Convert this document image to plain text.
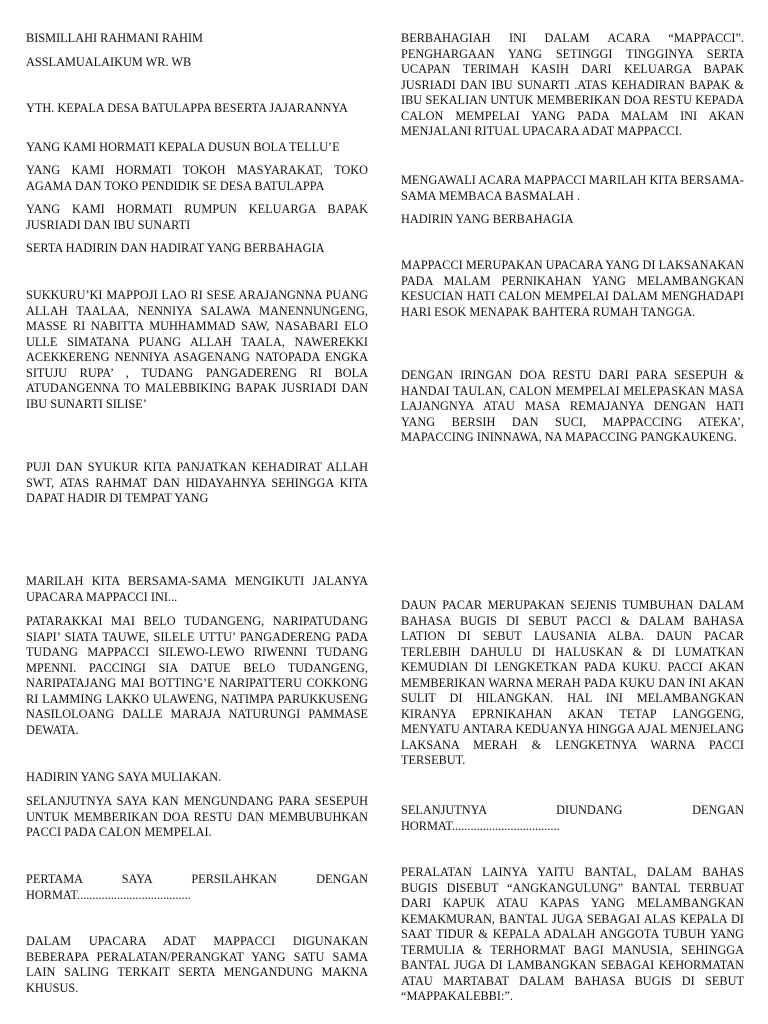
BISMILLAHI RAHMANI RAHIM

ASSLAMUALAIKUM WR. WB

YTH. KEPALA DESA BATULAPPA BESERTA JAJARANNYA

YANG KAMI HORMATI KEPALA DUSUN BOLA TELLU’E

YANG KAMI HORMATI TOKOH MASYARAKAT, TOKO AGAMA DAN TOKO PENDIDIK SE DESA BATULAPPA

YANG KAMI HORMATI RUMPUN KELUARGA BAPAK JUSRIADI DAN IBU SUNARTI

SERTA HADIRIN DAN HADIRAT YANG BERBAHAGIA

SUKKURU’KI MAPPOJI LAO RI SESE ARAJANGNNA PUANG ALLAH TAALAA, NENNIYA SALAWA MANENNUNGENG, MASSE RI NABITTA MUHHAMMAD SAW, NASABARI ELO ULLE SIMATANA PUANG ALLAH TAALA, NAWEREKKI ACEKKERENG NENNIYA ASAGENANG NATOPADA ENGKA SITUJU RUPA’ , TUDANG PANGADERENG RI BOLA ATUDANGENNA TO MALEBBIKING BAPAK JUSRIADI DAN IBU SUNARTI SILISE’

PUJI DAN SYUKUR KITA PANJATKAN KEHADIRAT ALLAH SWT, ATAS RAHMAT DAN HIDAYAHNYA SEHINGGA KITA DAPAT HADIR DI TEMPAT YANG

MARILAH KITA BERSAMA-SAMA MENGIKUTI JALANYA UPACARA MAPPACCI INI...

PATARAKKAI MAI BELO TUDANGENG, NARIPATUDANG SIAPI’ SIATA TAUWE, SILELE UTTU’ PANGADERENG PADA TUDANG MAPPACCI SILEWO-LEWO RIWENNI TUDANG MPENNI. PACCINGI SIA DATUE BELO TUDANGENG, NARIPATAJANG MAI BOTTING’E NARIPATTERU COKKONG RI LAMMING LAKKO ULAWENG, NATIMPA PARUKKUSENG NASILOLOANG DALLE MARAJA NATURUNGI PAMMASE DEWATA.

HADIRIN YANG SAYA MULIAKAN.

SELANJUTNYA SAYA KAN MENGUNDANG PARA SESEPUH UNTUK MEMBERIKAN DOA RESTU DAN MEMBUBUHKAN PACCI PADA CALON MEMPELAI.

PERTAMA SAYA PERSILAHKAN DENGAN HORMAT.....................................

DALAM UPACARA ADAT MAPPACCI DIGUNAKAN BEBERAPA PERALATAN/PERANGKAT YANG SATU SAMA LAIN SALING TERKAIT SERTA MENGANDUNG MAKNA KHUSUS.

BERBAHAGIAH INI DALAM ACARA “MAPPACCI”. PENGHARGAAN YANG SETINGGI TINGGINYA SERTA UCAPAN TERIMAH KASIH DARI KELUARGA BAPAK JUSRIADI DAN IBU SUNARTI .ATAS KEHADIRAN BAPAK & IBU SEKALIAN UNTUK MEMBERIKAN DOA RESTU KEPADA CALON MEMPELAI YANG PADA MALAM INI AKAN MENJALANI RITUAL UPACARA ADAT MAPPACCI.

MENGAWALI ACARA MAPPACCI MARILAH KITA BERSAMA-SAMA MEMBACA BASMALAH .

HADIRIN YANG BERBAHAGIA

MAPPACCI MERUPAKAN UPACARA YANG DI LAKSANAKAN PADA MALAM PERNIKAHAN YANG MELAMBANGKAN KESUCIAN HATI CALON MEMPELAI DALAM MENGHADAPI HARI ESOK MENAPAK BAHTERA RUMAH TANGGA.

DENGAN IRINGAN DOA RESTU DARI PARA SESEPUH & HANDAI TAULAN, CALON MEMPELAI MELEPASKAN MASA LAJANGNYA ATAU MASA REMAJANYA DENGAN HATI YANG BERSIH DAN SUCI, MAPPACCING ATEKA’, MAPACCING ININNAWA, NA MAPACCING PANGKAUKENG.

DAUN PACAR MERUPAKAN SEJENIS TUMBUHAN DALAM BAHASA BUGIS DI SEBUT PACCI & DALAM BAHASA LATION DI SEBUT LAUSANIA ALBA. DAUN PACAR TERLEBIH DAHULU DI HALUSKAN & DI LUMATKAN KEMUDIAN DI LENGKETKAN PADA KUKU. PACCI AKAN MEMBERIKAN WARNA MERAH PADA KUKU DAN INI AKAN SULIT DI HILANGKAN. HAL INI MELAMBANGKAN KIRANYA EPRNIKAHAN AKAN TETAP LANGGENG, MENYATU ANTARA KEDUANYA HINGGA AJAL MENJELANG LAKSANA MERAH & LENGKETNYA WARNA PACCI TERSEBUT.

SELANJUTNYA DIUNDANG DENGAN HORMAT...................................

PERALATAN LAINYA YAITU BANTAL, DALAM BAHAS BUGIS DISEBUT “ANGKANGULUNG” BANTAL TERBUAT DARI KAPUK ATAU KAPAS YANG MELAMBANGKAN KEMAKMURAN, BANTAL JUGA SEBAGAI ALAS KEPALA DI SAAT TIDUR & KEPALA ADALAH ANGGOTA TUBUH YANG TERMULIA & TERHORMAT BAGI MANUSIA, SEHINGGA BANTAL JUGA DI LAMBANGKAN SEBAGAI KEHORMATAN ATAU MARTABAT DALAM BAHASA BUGIS DI SEBUT “MAPPAKALEBBI:”.
